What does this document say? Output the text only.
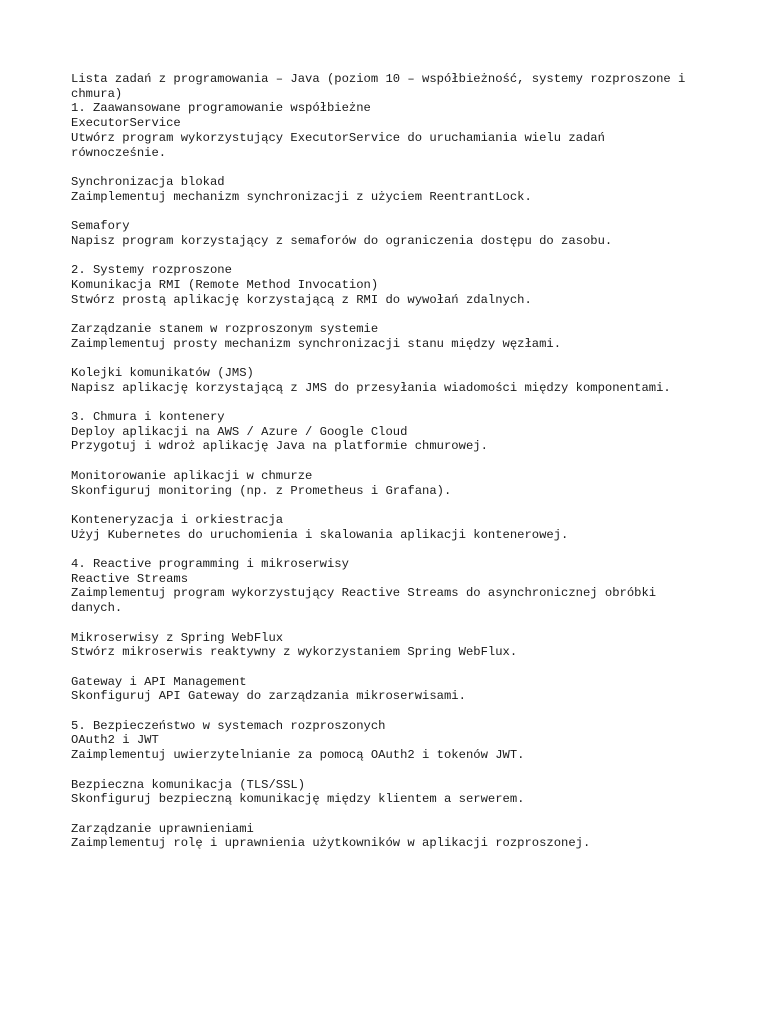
Lista zadań z programowania – Java (poziom 10 – współbieżność, systemy rozproszone i chmura)
1. Zaawansowane programowanie współbieżne
ExecutorService
Utwórz program wykorzystujący ExecutorService do uruchamiania wielu zadań równocześnie.
Synchronizacja blokad
Zaimplementuj mechanizm synchronizacji z użyciem ReentrantLock.
Semafory
Napisz program korzystający z semaforów do ograniczenia dostępu do zasobu.
2. Systemy rozproszone
Komunikacja RMI (Remote Method Invocation)
Stwórz prostą aplikację korzystającą z RMI do wywołań zdalnych.
Zarządzanie stanem w rozproszonym systemie
Zaimplementuj prosty mechanizm synchronizacji stanu między węzłami.
Kolejki komunikatów (JMS)
Napisz aplikację korzystającą z JMS do przesyłania wiadomości między komponentami.
3. Chmura i kontenery
Deploy aplikacji na AWS / Azure / Google Cloud
Przygotuj i wdroż aplikację Java na platformie chmurowej.
Monitorowanie aplikacji w chmurze
Skonfiguruj monitoring (np. z Prometheus i Grafana).
Konteneryzacja i orkiestracja
Użyj Kubernetes do uruchomienia i skalowania aplikacji kontenerowej.
4. Reactive programming i mikroserwisy
Reactive Streams
Zaimplementuj program wykorzystujący Reactive Streams do asynchronicznej obróbki danych.
Mikroserwisy z Spring WebFlux
Stwórz mikroserwis reaktywny z wykorzystaniem Spring WebFlux.
Gateway i API Management
Skonfiguruj API Gateway do zarządzania mikroserwisami.
5. Bezpieczeństwo w systemach rozproszonych
OAuth2 i JWT
Zaimplementuj uwierzytelnianie za pomocą OAuth2 i tokenów JWT.
Bezpieczna komunikacja (TLS/SSL)
Skonfiguruj bezpieczną komunikację między klientem a serwerem.
Zarządzanie uprawnieniami
Zaimplementuj rolę i uprawnienia użytkowników w aplikacji rozproszonej.
